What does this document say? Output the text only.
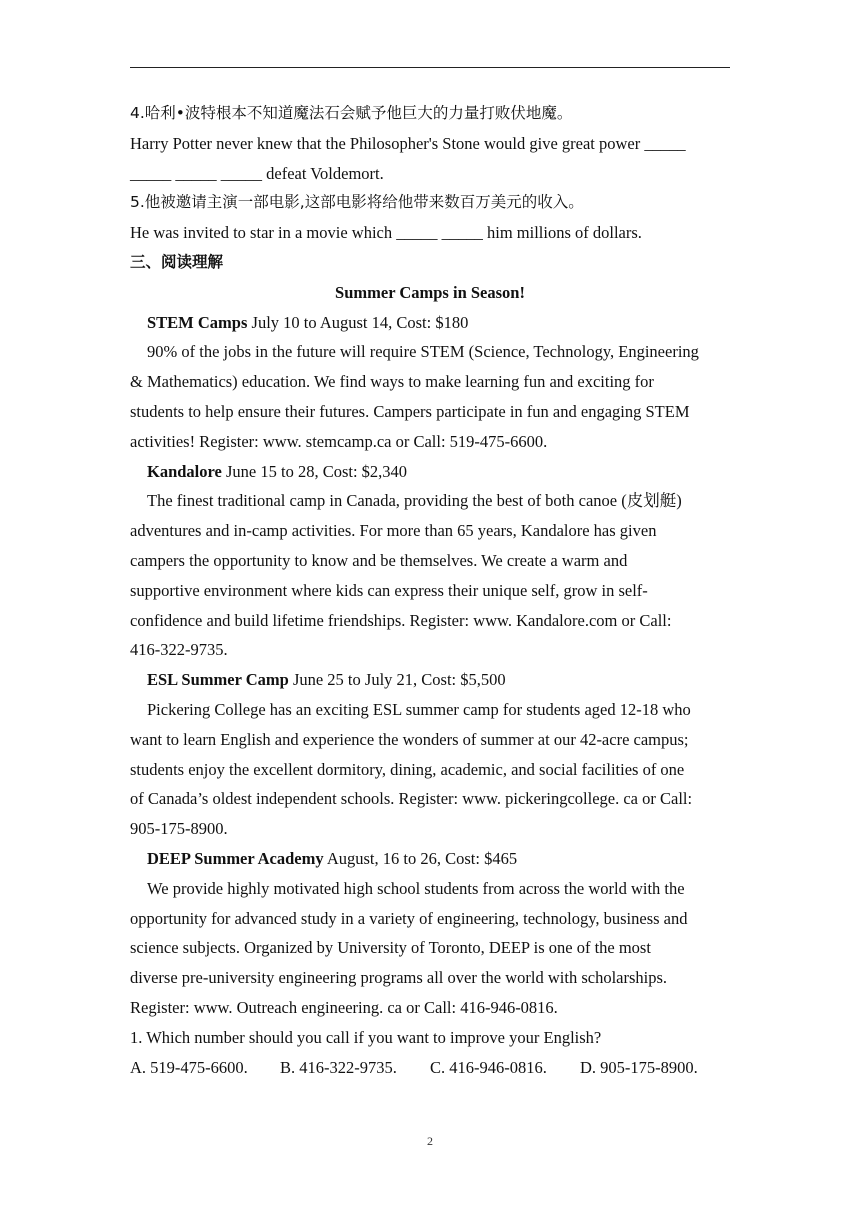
4.哈利•波特根本不知道魔法石会赋予他巨大的力量打败伏地魔。

Harry Potter never knew that the Philosopher's Stone would give great power _____

_____ _____ _____ defeat Voldemort.

5.他被邀请主演一部电影,这部电影将给他带来数百万美元的收入。

He was invited to star in a movie which _____ _____ him millions of dollars.

三、阅读理解

Summer Camps in Season!

STEM Camps July 10 to August 14, Cost: $180

90% of the jobs in the future will require STEM (Science, Technology, Engineering

& Mathematics) education. We find ways to make learning fun and exciting for

students to help ensure their futures. Campers participate in fun and engaging STEM

activities! Register: www. stemcamp.ca or Call: 519-475-6600.

Kandalore June 15 to 28, Cost: $2,340

The finest traditional camp in Canada, providing the best of both canoe (皮划艇)

adventures and in-camp activities. For more than 65 years, Kandalore has given

campers the opportunity to know and be themselves. We create a warm and

supportive environment where kids can express their unique self, grow in self-

confidence and build lifetime friendships. Register: www. Kandalore.com or Call:

416-322-9735.

ESL Summer Camp June 25 to July 21, Cost: $5,500

Pickering College has an exciting ESL summer camp for students aged 12-18 who

want to learn English and experience the wonders of summer at our 42-acre campus;

students enjoy the excellent dormitory, dining, academic, and social facilities of one

of Canada’s oldest independent schools. Register: www. pickeringcollege. ca or Call:

905-175-8900.

DEEP Summer Academy August, 16 to 26, Cost: $465

We provide highly motivated high school students from across the world with the

opportunity for advanced study in a variety of engineering, technology, business and

science subjects. Organized by University of Toronto, DEEP is one of the most

diverse pre-university engineering programs all over the world with scholarships.

Register: www. Outreach engineering. ca or Call: 416-946-0816.

1. Which number should you call if you want to improve your English?

A. 519-475-6600. B. 416-322-9735. C. 416-946-0816. D. 905-175-8900.

2
